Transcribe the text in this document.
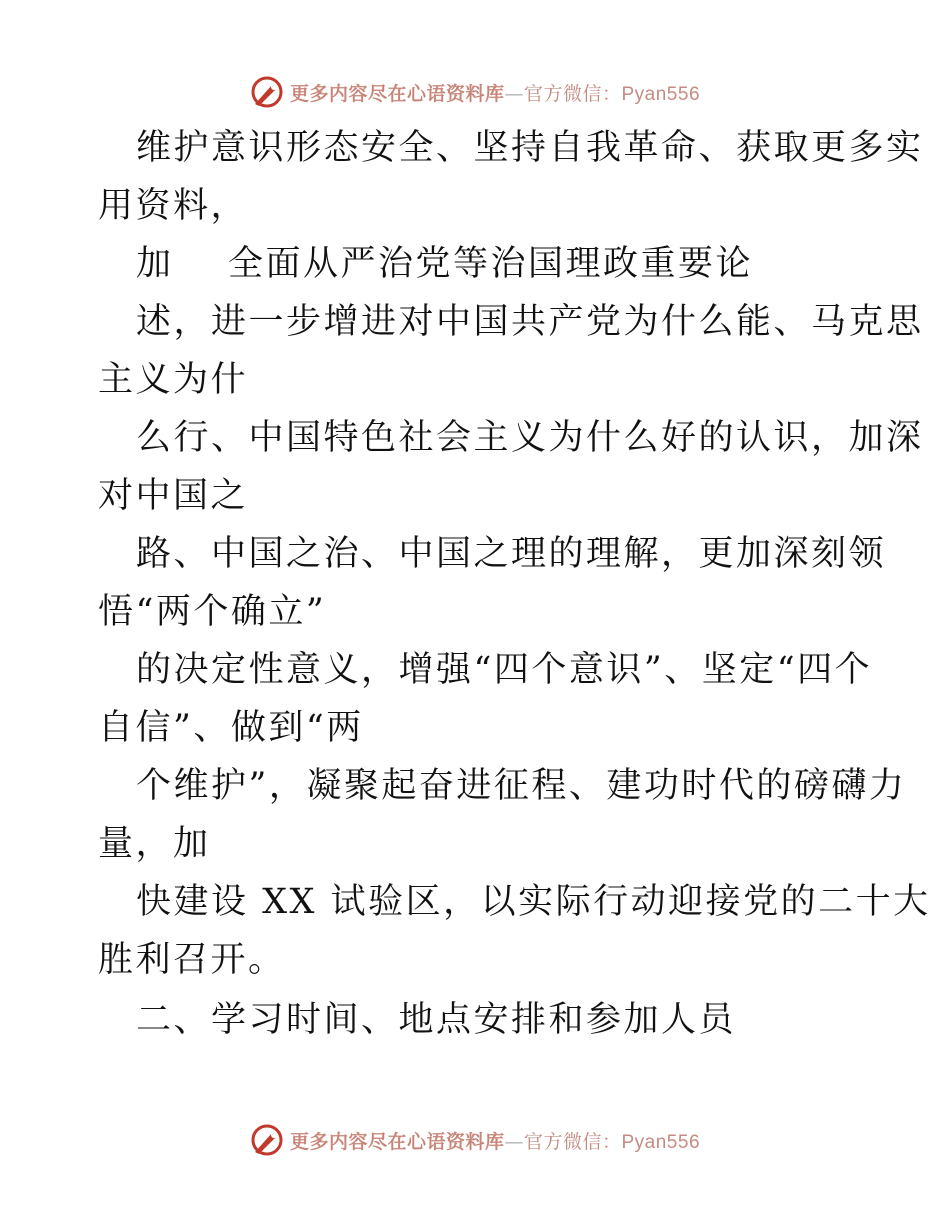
更多内容尽在心语资料库—官方微信：Pyan556
维护意识形态安全、坚持自我革命、获取更多实
用资料，
加    全面从严治党等治国理政重要论
述，进一步增进对中国共产党为什么能、马克思
主义为什
么行、中国特色社会主义为什么好的认识，加深
对中国之
路、中国之治、中国之理的理解，更加深刻领
悟“两个确立”
的决定性意义，增强“四个意识”、坚定“四个
自信”、做到“两
个维护”，凝聚起奋进征程、建功时代的磅礴力
量，加
快建设 XX 试验区，以实际行动迎接党的二十大
胜利召开。
二、学习时间、地点安排和参加人员
更多内容尽在心语资料库—官方微信：Pyan556
